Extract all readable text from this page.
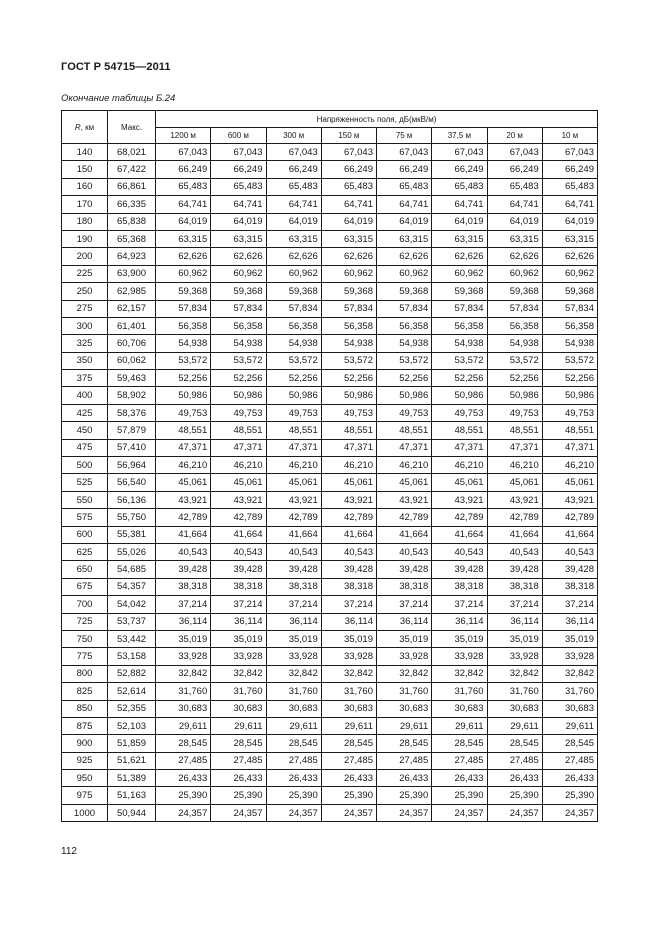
ГОСТ Р 54715—2011
Окончание таблицы Б.24
R, км	Макс.	Напряженность поля, дБ(мкВ/м)							
		1200 м	600 м	300 м	150 м	75 м	37,5 м	20 м	10 м
140	68,021	67,043	67,043	67,043	67,043	67,043	67,043	67,043	67,043
150	67,422	66,249	66,249	66,249	66,249	66,249	66,249	66,249	66,249
160	66,861	65,483	65,483	65,483	65,483	65,483	65,483	65,483	65,483
170	66,335	64,741	64,741	64,741	64,741	64,741	64,741	64,741	64,741
180	65,838	64,019	64,019	64,019	64,019	64,019	64,019	64,019	64,019
190	65,368	63,315	63,315	63,315	63,315	63,315	63,315	63,315	63,315
200	64,923	62,626	62,626	62,626	62,626	62,626	62,626	62,626	62,626
225	63,900	60,962	60,962	60,962	60,962	60,962	60,962	60,962	60,962
250	62,985	59,368	59,368	59,368	59,368	59,368	59,368	59,368	59,368
275	62,157	57,834	57,834	57,834	57,834	57,834	57,834	57,834	57,834
300	61,401	56,358	56,358	56,358	56,358	56,358	56,358	56,358	56,358
325	60,706	54,938	54,938	54,938	54,938	54,938	54,938	54,938	54,938
350	60,062	53,572	53,572	53,572	53,572	53,572	53,572	53,572	53,572
375	59,463	52,256	52,256	52,256	52,256	52,256	52,256	52,256	52,256
400	58,902	50,986	50,986	50,986	50,986	50,986	50,986	50,986	50,986
425	58,376	49,753	49,753	49,753	49,753	49,753	49,753	49,753	49,753
450	57,879	48,551	48,551	48,551	48,551	48,551	48,551	48,551	48,551
475	57,410	47,371	47,371	47,371	47,371	47,371	47,371	47,371	47,371
500	56,964	46,210	46,210	46,210	46,210	46,210	46,210	46,210	46,210
525	56,540	45,061	45,061	45,061	45,061	45,061	45,061	45,061	45,061
550	56,136	43,921	43,921	43,921	43,921	43,921	43,921	43,921	43,921
575	55,750	42,789	42,789	42,789	42,789	42,789	42,789	42,789	42,789
600	55,381	41,664	41,664	41,664	41,664	41,664	41,664	41,664	41,664
625	55,026	40,543	40,543	40,543	40,543	40,543	40,543	40,543	40,543
650	54,685	39,428	39,428	39,428	39,428	39,428	39,428	39,428	39,428
675	54,357	38,318	38,318	38,318	38,318	38,318	38,318	38,318	38,318
700	54,042	37,214	37,214	37,214	37,214	37,214	37,214	37,214	37,214
725	53,737	36,114	36,114	36,114	36,114	36,114	36,114	36,114	36,114
750	53,442	35,019	35,019	35,019	35,019	35,019	35,019	35,019	35,019
775	53,158	33,928	33,928	33,928	33,928	33,928	33,928	33,928	33,928
800	52,882	32,842	32,842	32,842	32,842	32,842	32,842	32,842	32,842
825	52,614	31,760	31,760	31,760	31,760	31,760	31,760	31,760	31,760
850	52,355	30,683	30,683	30,683	30,683	30,683	30,683	30,683	30,683
875	52,103	29,611	29,611	29,611	29,611	29,611	29,611	29,611	29,611
900	51,859	28,545	28,545	28,545	28,545	28,545	28,545	28,545	28,545
925	51,621	27,485	27,485	27,485	27,485	27,485	27,485	27,485	27,485
950	51,389	26,433	26,433	26,433	26,433	26,433	26,433	26,433	26,433
975	51,163	25,390	25,390	25,390	25,390	25,390	25,390	25,390	25,390
1000	50,944	24,357	24,357	24,357	24,357	24,357	24,357	24,357	24,357
112
